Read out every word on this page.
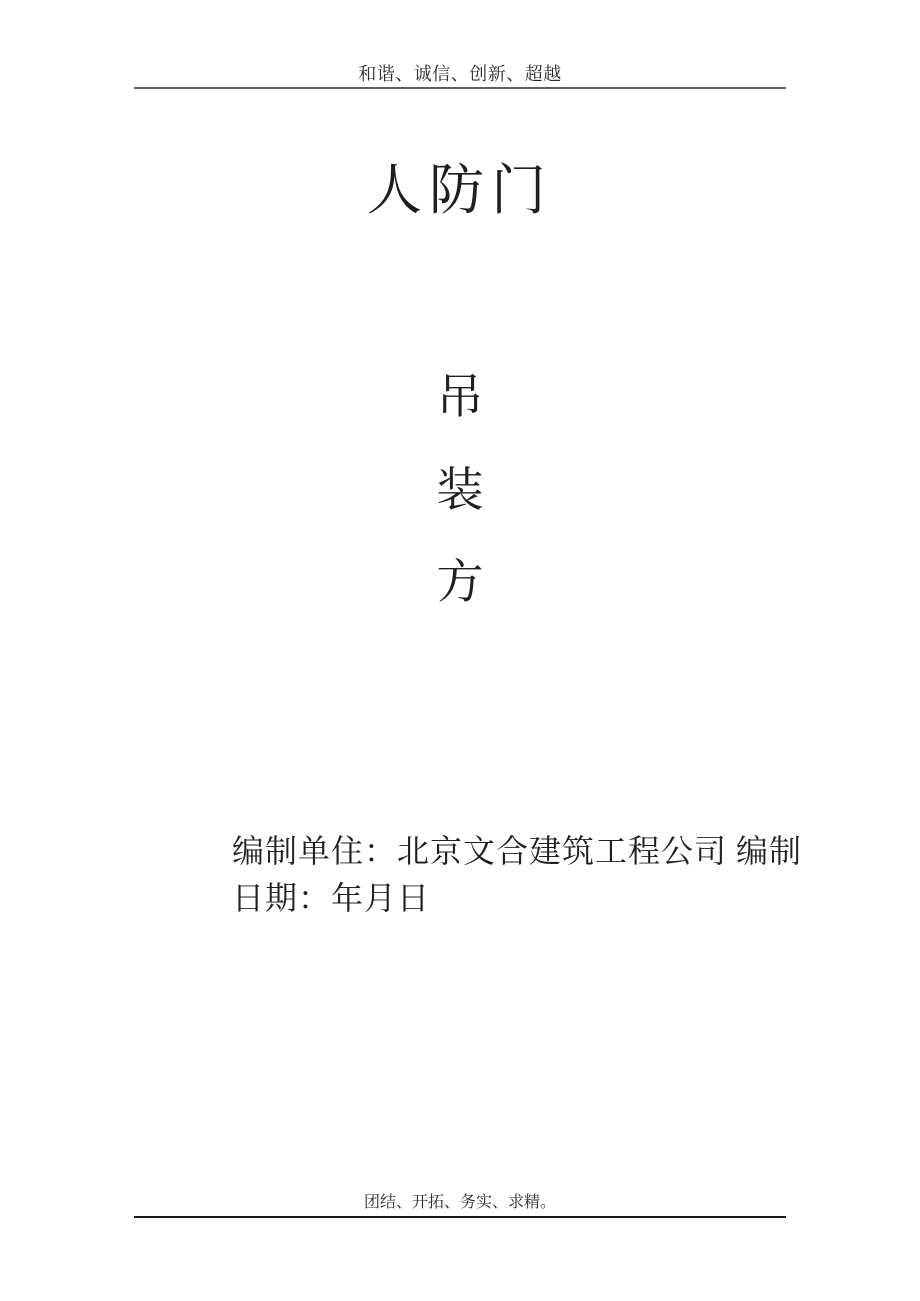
和谐、诚信、创新、超越
人防门
吊
装
方
编制单住：北京文合建筑工程公司 编制
日期：年月日
团结、开拓、务实、求精。
